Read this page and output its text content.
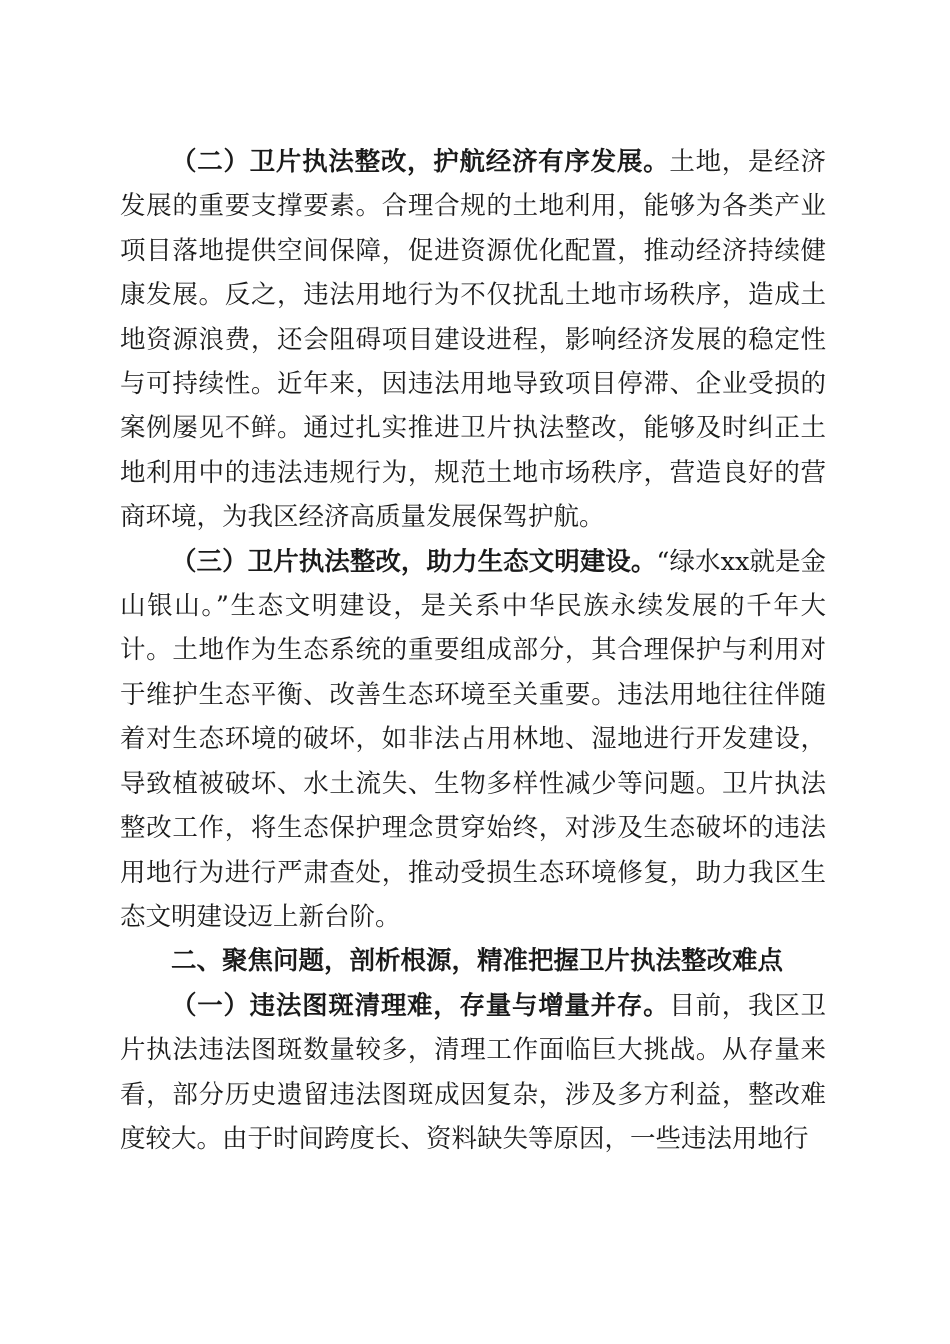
（二）卫片执法整改，护航经济有序发展。土地，是经济发展的重要支撑要素。合理合规的土地利用，能够为各类产业项目落地提供空间保障，促进资源优化配置，推动经济持续健康发展。反之，违法用地行为不仅扰乱土地市场秩序，造成土地资源浪费，还会阻碍项目建设进程，影响经济发展的稳定性与可持续性。近年来，因违法用地导致项目停滞、企业受损的案例屡见不鲜。通过扎实推进卫片执法整改，能够及时纠正土地利用中的违法违规行为，规范土地市场秩序，营造良好的营商环境，为我区经济高质量发展保驾护航。

（三）卫片执法整改，助力生态文明建设。“绿水xx就是金山银山。”生态文明建设，是关系中华民族永续发展的千年大计。土地作为生态系统的重要组成部分，其合理保护与利用对于维护生态平衡、改善生态环境至关重要。违法用地往往伴随着对生态环境的破坏，如非法占用林地、湿地进行开发建设，导致植被破坏、水土流失、生物多样性减少等问题。卫片执法整改工作，将生态保护理念贯穿始终，对涉及生态破坏的违法用地行为进行严肃查处，推动受损生态环境修复，助力我区生态文明建设迈上新台阶。

二、聚焦问题，剖析根源，精准把握卫片执法整改难点

（一）违法图斑清理难，存量与增量并存。目前，我区卫片执法违法图斑数量较多，清理工作面临巨大挑战。从存量来看，部分历史遗留违法图斑成因复杂，涉及多方利益，整改难度较大。由于时间跨度长、资料缺失等原因，一些违法用地行
